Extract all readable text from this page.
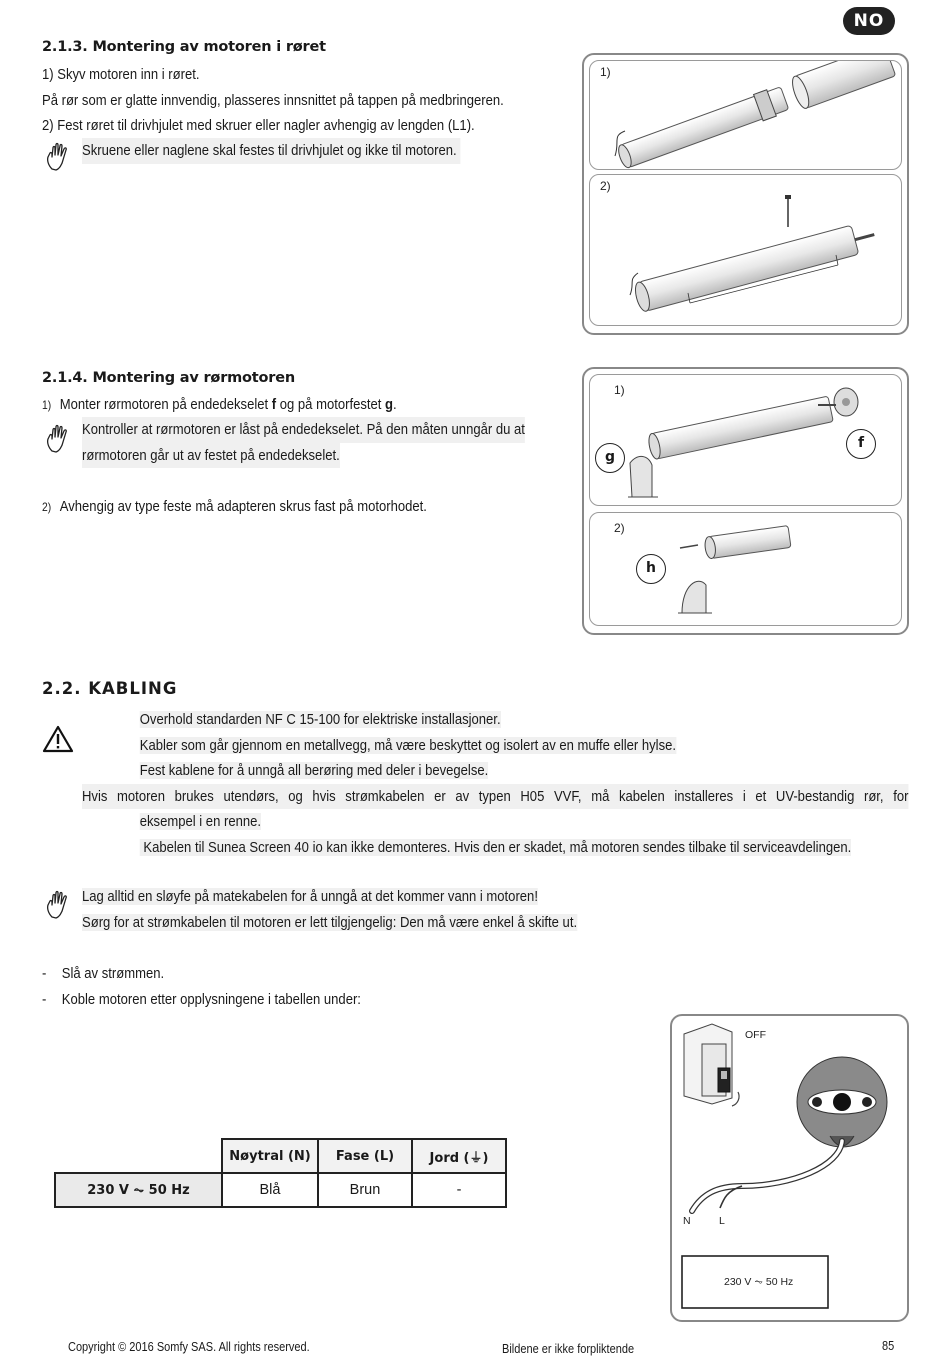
NO
2.1.3. Montering av motoren i røret
1) Skyv motoren inn i røret.
På rør som er glatte innvendig, plasseres innsnittet på tappen på medbringeren.
2) Fest røret til drivhjulet med skruer eller nagler avhengig av lengden (L1).
Skruene eller naglene skal festes til drivhjulet og ikke til motoren.
1)
2)
2.1.4. Montering av rørmotoren
1) Monter rørmotoren på endedekselet f og på motorfestet g.
Kontroller at rørmotoren er låst på endedekselet. På den måten unngår du at
rørmotoren går ut av festet på endedekselet.
2) Avhengig av type feste må adapteren skrus fast på motorhodet.
1)
f
g
2)
h
2.2. KABLING
Overhold standarden NF C 15-100 for elektriske installasjoner.
Kabler som går gjennom en metallvegg, må være beskyttet og isolert av en muffe eller hylse.
Fest kablene for å unngå all berøring med deler i bevegelse.
Hvis motoren brukes utendørs, og hvis strømkabelen er av typen H05 VVF, må kabelen installeres i et UV-bestandig rør, for
eksempel i en renne.
Kabelen til Sunea Screen 40 io kan ikke demonteres. Hvis den er skadet, må motoren sendes tilbake til serviceavdelingen.
Lag alltid en sløyfe på matekabelen for å unngå at det kommer vann i motoren!
Sørg for at strømkabelen til motoren er lett tilgjengelig: Den må være enkel å skifte ut.
- Slå av strømmen.
- Koble motoren etter opplysningene i tabellen under:
	Nøytral (N)	Fase (L)	Jord (⏚)
230 V ⏦ 50 Hz	Blå	Brun	-
OFF
N	L
230 V ⏦ 50 Hz
Copyright © 2016 Somfy SAS. All rights reserved.	Bildene er ikke forpliktende	85
